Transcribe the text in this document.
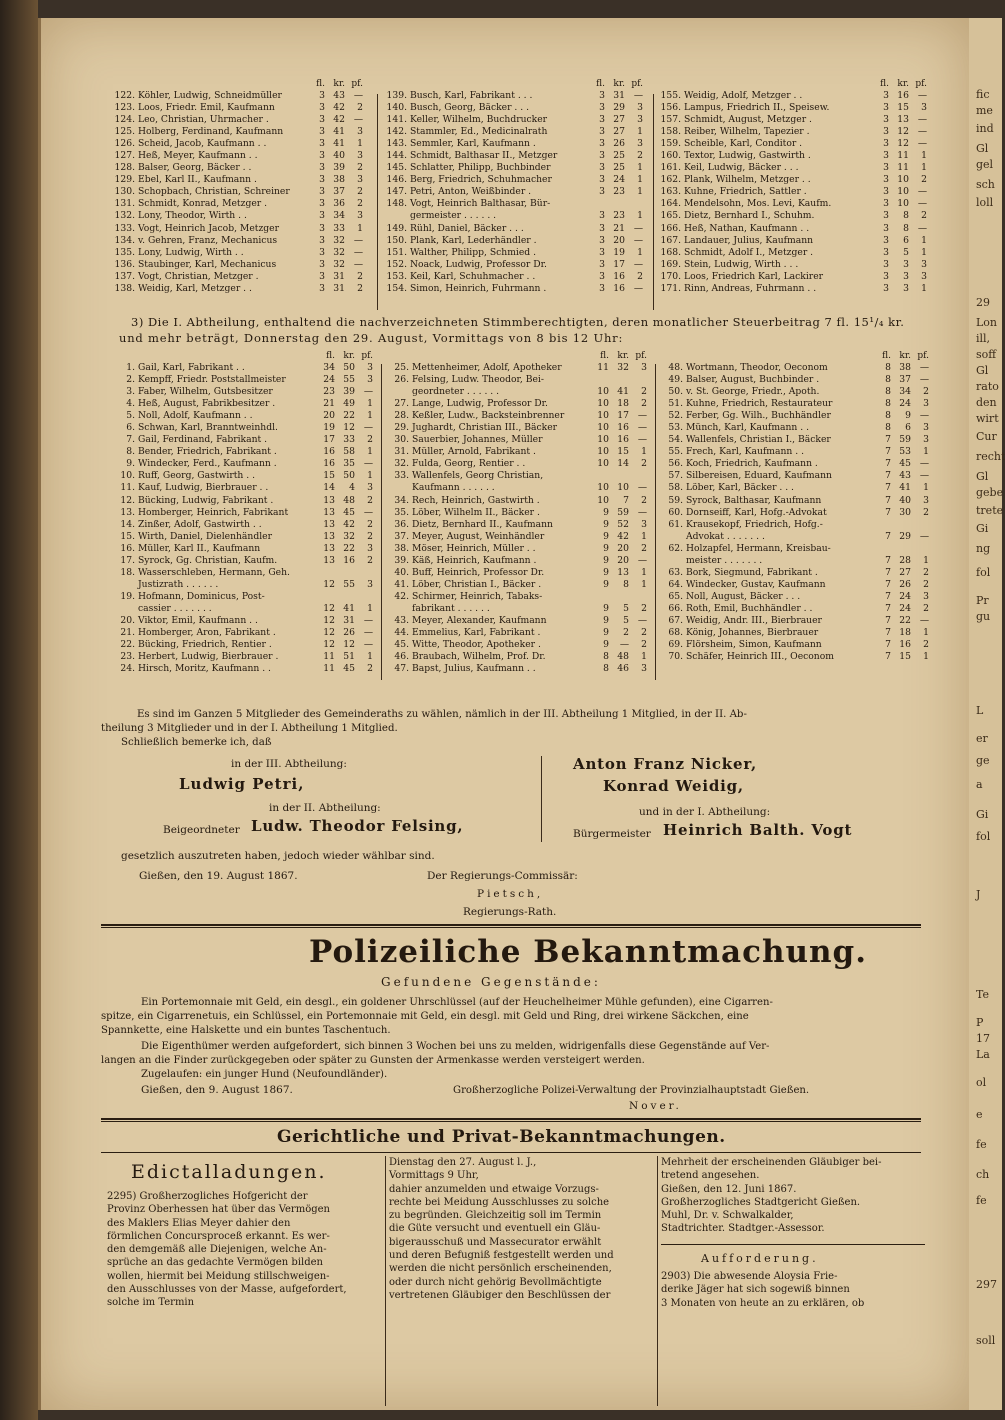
fic
me
ind
Gl
gel
sch
loll
29
Lon
ill,
soff
Gl
rato
den
wirt
Cur
recht
Gl
gebe
trete
Gi
ng
fol
Pr
gu
L
er
ge
a
Gi
fol
J
Te
P
17
La
ol
e
fe
ch
fe
297
soll
fl. kr. pf.
122. Köhler, Ludwig, Schneidmüller	3 43 —
123. Loos, Friedr. Emil, Kaufmann	3 42	2
124. Leo, Christian, Uhrmacher .	3 42 —
125. Holberg, Ferdinand, Kaufmann	3 41	3
126. Scheid, Jacob, Kaufmann . .	3 41	1
127. Heß, Meyer, Kaufmann . .	3 40	3
128. Balser, Georg, Bäcker . .	3 39	2
129. Ebel, Karl II., Kaufmann .	3 38	3
130. Schopbach, Christian, Schreiner	3 37	2
131. Schmidt, Konrad, Metzger .	3 36	2
132. Lony, Theodor, Wirth . .	3 34	3
133. Vogt, Heinrich Jacob, Metzger	3 33	1
134. v. Gehren, Franz, Mechanicus	3 32 —
135. Lony, Ludwig, Wirth . .	3 32 —
136. Staubinger, Karl, Mechanicus	3 32 —
137. Vogt, Christian, Metzger .	3 31	2
138. Weidig, Karl, Metzger . .	3 31	2
fl. kr. pf.
139. Busch, Karl, Fabrikant . . .	3 31 —
140. Busch, Georg, Bäcker . . .	3 29	3
141. Keller, Wilhelm, Buchdrucker	3 27	3
142. Stammler, Ed., Medicinalrath	3 27	1
143. Semmler, Karl, Kaufmann .	3 26	3
144. Schmidt, Balthasar II., Metzger	3 25	2
145. Schlatter, Philipp, Buchbinder	3 25	1
146. Berg, Friedrich, Schuhmacher	3 24	1
147. Petri, Anton, Weißbinder .	3 23	1
148. Vogt, Heinrich Balthasar, Bür-
germeister . . . . . .	3 23	1
149. Rühl, Daniel, Bäcker . . .	3 21 —
150. Plank, Karl, Lederhändler .	3 20 —
151. Walther, Philipp, Schmied .	3 19	1
152. Noack, Ludwig, Professor Dr.	3 17 —
153. Keil, Karl, Schuhmacher . .	3 16	2
154. Simon, Heinrich, Fuhrmann .	3 16 —
fl. kr. pf.
155. Weidig, Adolf, Metzger . .	3 16 —
156. Lampus, Friedrich II., Speisew.	3 15	3
157. Schmidt, August, Metzger .	3 13 —
158. Reiber, Wilhelm, Tapezier .	3 12 —
159. Scheible, Karl, Conditor .	3 12 —
160. Textor, Ludwig, Gastwirth .	3 11	1
161. Keil, Ludwig, Bäcker . . .	3 11	1
162. Plank, Wilhelm, Metzger . .	3 10	2
163. Kuhne, Friedrich, Sattler .	3 10 —
164. Mendelsohn, Mos. Levi, Kaufm.	3 10 —
165. Dietz, Bernhard I., Schuhm.	3	8	2
166. Heß, Nathan, Kaufmann . .	3	8 —
167. Landauer, Julius, Kaufmann	3	6	1
168. Schmidt, Adolf I., Metzger .	3	5	1
169. Stein, Ludwig, Wirth . . .	3	3	3
170. Loos, Friedrich Karl, Lackirer	3	3	3
171. Rinn, Andreas, Fuhrmann . .	3	3	1
3) Die I. Abtheilung, enthaltend die nachverzeichneten Stimmberechtigten, deren monatlicher Steuerbeitrag 7 fl. 15¹/₄ kr.
und mehr beträgt, Donnerstag den 29. August, Vormittags von 8 bis 12 Uhr:
fl. kr. pf.
1. Gail, Karl, Fabrikant . .	34 50	3
2. Kempff, Friedr. Poststallmeister	24 55	3
3. Faber, Wilhelm, Gutsbesitzer	23 39 —
4. Heß, August, Fabrikbesitzer .	21 49	1
5. Noll, Adolf, Kaufmann . .	20 22	1
6. Schwan, Karl, Branntweinhdl.	19 12 —
7. Gail, Ferdinand, Fabrikant .	17 33	2
8. Bender, Friedrich, Fabrikant .	16 58	1
9. Windecker, Ferd., Kaufmann .	16 35 —
10. Ruff, Georg, Gastwirth . .	15 50	1
11. Kauf, Ludwig, Bierbrauer . .	14	4	3
12. Bücking, Ludwig, Fabrikant .	13 48	2
13. Homberger, Heinrich, Fabrikant	13 45 —
14. Zinßer, Adolf, Gastwirth . .	13 42	2
15. Wirth, Daniel, Dielenhändler	13 32	2
16. Müller, Karl II., Kaufmann	13 22	3
17. Syrock, Gg. Christian, Kaufm.	13 16	2
18. Wasserschleben, Hermann, Geh.
Justizrath . . . . . .	12 55	3
19. Hofmann, Dominicus, Post-
cassier . . . . . . .	12 41	1
20. Viktor, Emil, Kaufmann . .	12 31 —
21. Homberger, Aron, Fabrikant .	12 26 —
22. Bücking, Friedrich, Rentier .	12 12 —
23. Herbert, Ludwig, Bierbrauer .	11 51	1
24. Hirsch, Moritz, Kaufmann . .	11 45	2
fl. kr. pf.
25. Mettenheimer, Adolf, Apotheker	11 32	3
26. Felsing, Ludw. Theodor, Bei-
geordneter . . . . . .	10 41	2
27. Lange, Ludwig, Professor Dr.	10 18	2
28. Keßler, Ludw., Backsteinbrenner	10 17 —
29. Jughardt, Christian III., Bäcker	10 16 —
30. Sauerbier, Johannes, Müller	10 16 —
31. Müller, Arnold, Fabrikant .	10 15	1
32. Fulda, Georg, Rentier . .	10 14	2
33. Wallenfels, Georg Christian,
Kaufmann . . . . . .	10 10 —
34. Rech, Heinrich, Gastwirth .	10	7	2
35. Löber, Wilhelm II., Bäcker .	9 59 —
36. Dietz, Bernhard II., Kaufmann	9 52	3
37. Meyer, August, Weinhändler	9 42	1
38. Möser, Heinrich, Müller . .	9 20	2
39. Käß, Heinrich, Kaufmann .	9 20 —
40. Buff, Heinrich, Professor Dr.	9 13	1
41. Löber, Christian I., Bäcker .	9	8	1
42. Schirmer, Heinrich, Tabaks-
fabrikant . . . . . .	9	5	2
43. Meyer, Alexander, Kaufmann	9	5 —
44. Emmelius, Karl, Fabrikant .	9	2	2
45. Witte, Theodor, Apotheker .	9	—	2
46. Braubach, Wilhelm, Prof. Dr.	8 48	1
47. Bapst, Julius, Kaufmann . .	8 46	3
fl. kr. pf.
48. Wortmann, Theodor, Oeconom	8 38 —
49. Balser, August, Buchbinder .	8 37 —
50. v. St. George, Friedr., Apoth.	8 34	2
51. Kuhne, Friedrich, Restaurateur	8 24	3
52. Ferber, Gg. Wilh., Buchhändler	8	9 —
53. Münch, Karl, Kaufmann . .	8	6	3
54. Wallenfels, Christian I., Bäcker	7 59	3
55. Frech, Karl, Kaufmann . .	7 53	1
56. Koch, Friedrich, Kaufmann .	7 45 —
57. Silbereisen, Eduard, Kaufmann	7 43 —
58. Löber, Karl, Bäcker . . .	7 41	1
59. Syrock, Balthasar, Kaufmann	7 40	3
60. Dornseiff, Karl, Hofg.-Advokat	7 30	2
61. Krausekopf, Friedrich, Hofg.-
Advokat . . . . . . .	7 29 —
62. Holzapfel, Hermann, Kreisbau-
meister . . . . . . .	7 28	1
63. Bork, Siegmund, Fabrikant .	7 27	2
64. Windecker, Gustav, Kaufmann	7 26	2
65. Noll, August, Bäcker . . .	7 24	3
66. Roth, Emil, Buchhändler . .	7 24	2
67. Weidig, Andr. III., Bierbrauer	7 22 —
68. König, Johannes, Bierbrauer	7 18	1
69. Flörsheim, Simon, Kaufmann	7 16	2
70. Schäfer, Heinrich III., Oeconom	7 15	1
Es sind im Ganzen 5 Mitglieder des Gemeinderaths zu wählen, nämlich in der III. Abtheilung 1 Mitglied, in der II. Ab-
theilung 3 Mitglieder und in der I. Abtheilung 1 Mitglied.
Schließlich bemerke ich, daß
in der III. Abtheilung:
Ludwig Petri,
in der II. Abtheilung:
Beigeordneter Ludw. Theodor Felsing,
Anton Franz Nicker,
Konrad Weidig,
und in der I. Abtheilung:
Bürgermeister Heinrich Balth. Vogt
gesetzlich auszutreten haben, jedoch wieder wählbar sind.
Gießen, den 19. August 1867.	Der Regierungs-Commissär:
Pietsch,
Regierungs-Rath.
Polizeiliche Bekanntmachung.
Gefundene Gegenstände:
Ein Portemonnaie mit Geld, ein desgl., ein goldener Uhrschlüssel (auf der Heuchelheimer Mühle gefunden), eine Cigarren-
spitze, ein Cigarrenetuis, ein Schlüssel, ein Portemonnaie mit Geld, ein desgl. mit Geld und Ring, drei wirkene Säckchen, eine
Spannkette, eine Halskette und ein buntes Taschentuch.
Die Eigenthümer werden aufgefordert, sich binnen 3 Wochen bei uns zu melden, widrigenfalls diese Gegenstände auf Ver-
langen an die Finder zurückgegeben oder später zu Gunsten der Armenkasse werden versteigert werden.
Zugelaufen: ein junger Hund (Neufoundländer).
Gießen, den 9. August 1867.	Großherzogliche Polizei-Verwaltung der Provinzialhauptstadt Gießen.
Nover.
Gerichtliche und Privat-Bekanntmachungen.
Edictalladungen.
2295) Großherzogliches Hofgericht der
Provinz Oberhessen hat über das Vermögen
des Maklers Elias Meyer dahier den
förmlichen Concursproceß erkannt. Es wer-
den demgemäß alle Diejenigen, welche An-
sprüche an das gedachte Vermögen bilden
wollen, hiermit bei Meidung stillschweigen-
den Ausschlusses von der Masse, aufgefordert,
solche im Termin
Dienstag den 27. August l. J.,
Vormittags 9 Uhr,
dahier anzumelden und etwaige Vorzugs-
rechte bei Meidung Ausschlusses zu solche
zu begründen. Gleichzeitig soll im Termin
die Güte versucht und eventuell ein Gläu-
bigerausschuß und Massecurator erwählt
und deren Befugniß festgestellt werden und
werden die nicht persönlich erscheinenden,
oder durch nicht gehörig Bevollmächtigte
vertretenen Gläubiger den Beschlüssen der
Mehrheit der erscheinenden Gläubiger bei-
tretend angesehen.
Gießen, den 12. Juni 1867.
Großherzogliches Stadtgericht Gießen.
Muhl, Dr. v. Schwalkalder,
Stadtrichter. Stadtger.-Assessor.
Aufforderung.
2903) Die abwesende Aloysia Frie-
derike Jäger hat sich sogewiß binnen
3 Monaten von heute an zu erklären, ob
